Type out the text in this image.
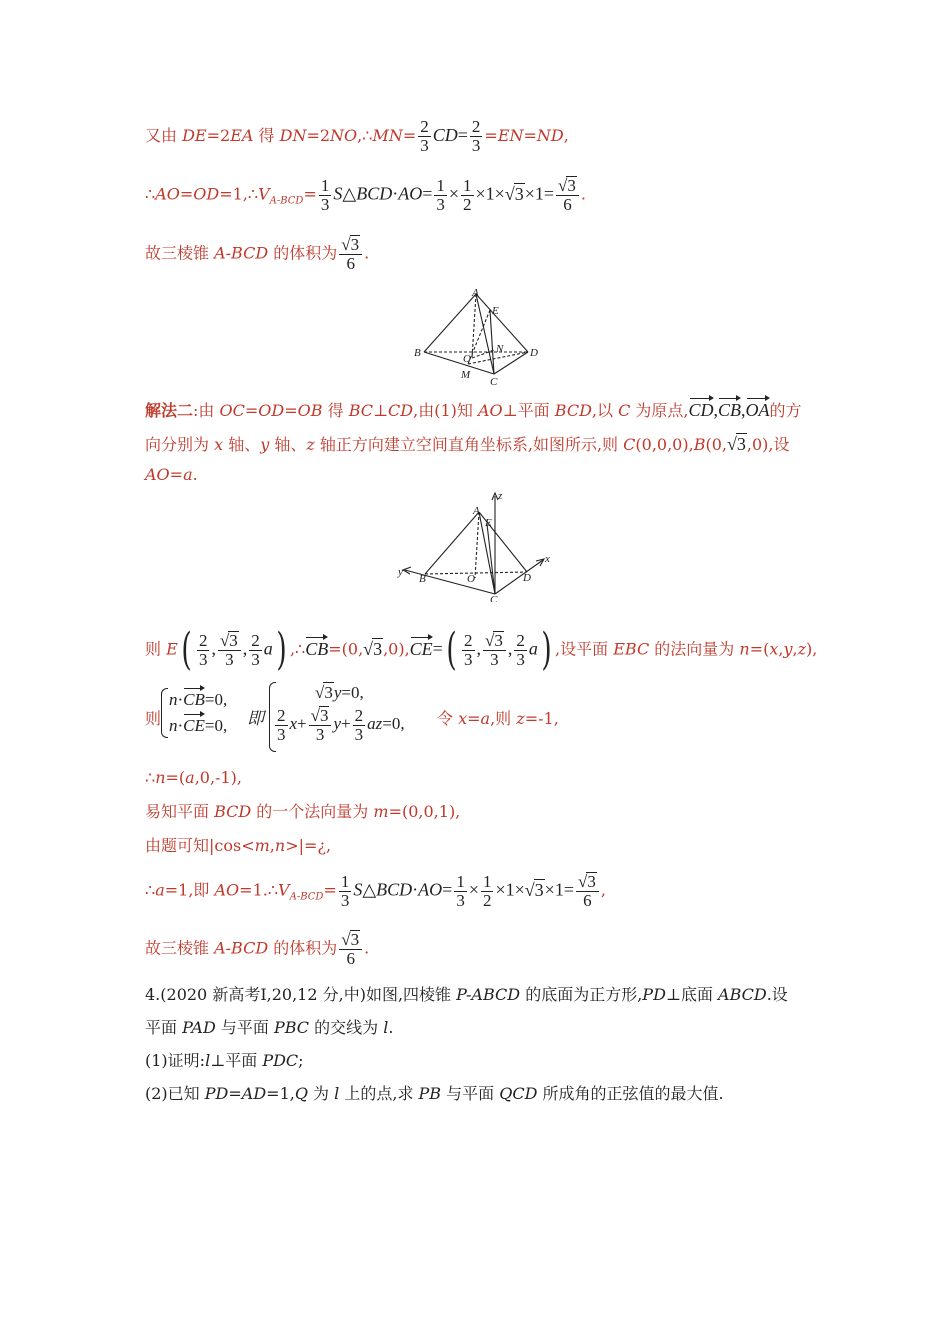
又由 DE=2EA 得 DN=2NO,∴MN= $\frac{2}{3} CD= \frac{2}{3} =EN=ND$,
$\therefore AO=OD=1,\therefore V_{A-BCD}= \frac{1}{3}$ S△BCD·AO= $\frac{1}{3} \times \frac{1}{2} \times 1\times√3\times 1= \frac{√3}{6}$ .
故三棱锥 A-BCD 的体积为 $\frac{√3}{6}$ .
A
E
B	N D
O
M
C
解法二:由 OC=OD=OB 得 BC⊥CD,由(1)知 AO⊥平面 BCD,以 C 为原点,CD,CB,OA的方
向分别为 x 轴、y 轴、z 轴正方向建立空间直角坐标系,如图所示,则 C(0,0,0),B(0,√3,0),设
AO=a.
z
A
E
x
y
B	O	D
C
则 $E( \frac{2}{3}$ , $\frac{√3}{3}$ , $\frac{2}{3} a$) ,∴CB=(0,√3,0),CE=( $\frac{2}{3}$ , $\frac{√3}{3}$ , $\frac{2}{3} a$) ,设平面 EBC 的法向量为 n=(x,y,z),
则
n·CB=0,
n·CE=0, 即
√3y=0,
$\frac{2}{3} x+ \frac{√3}{3} y+ \frac{2}{3} az=0$, 令 x=a,则 z=-1,
∴n=(a,0,-1),
易知平面 BCD 的一个法向量为 m=(0,0,1),
由题可知|cos<m,n>|=¿,
∴a=1,即 $AO=1.\therefore V_{A-BCD}= \frac{1}{3}$ S△BCD·AO= $\frac{1}{3} \times \frac{1}{2} \times 1\times√3\times 1= \frac{√3}{6}$ ,
故三棱锥 A-BCD 的体积为 $\frac{√3}{6}$ .
4.(2020 新高考Ⅰ,20,12 分,中)如图,四棱锥 P-ABCD 的底面为正方形,PD⊥底面 ABCD.设
平面 PAD 与平面 PBC 的交线为 l.
(1)证明:l⊥平面 PDC;
(2)已知 PD=AD=1,Q 为 l 上的点,求 PB 与平面 QCD 所成角的正弦值的最大值.
